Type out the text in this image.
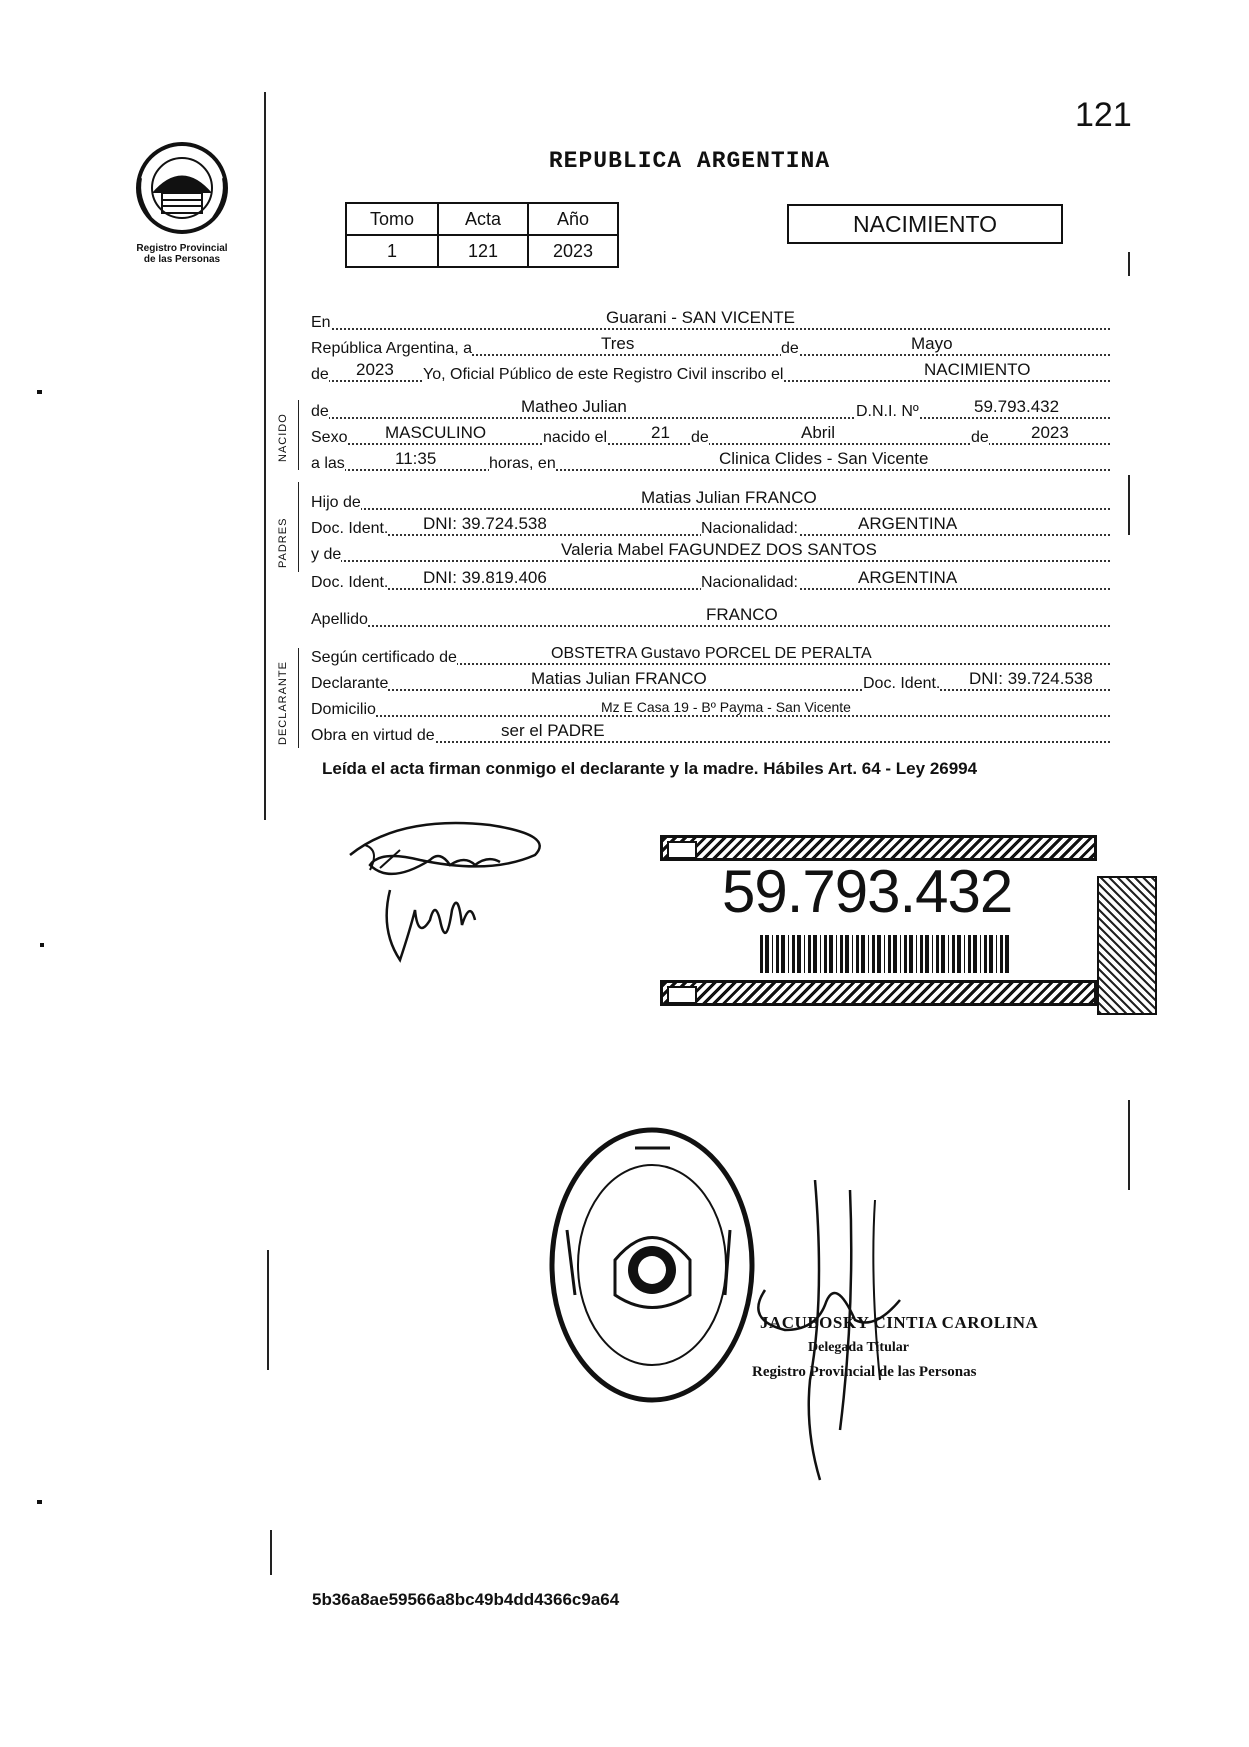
121
Registro Provincial
de las Personas
REPUBLICA ARGENTINA
Tomo	Acta	Año
1	121	2023
NACIMIENTO
NACIDO
PADRES
DECLARANTE
En	Guarani - SAN VICENTE
República Argentina, a	Tres	de	Mayo
de 2023 Yo, Oficial Público de este Registro Civil inscribo el	NACIMIENTO
de	Matheo Julian	D.N.I. Nº	59.793.432
Sexo MASCULINO	nacido el	21 de	Abril	de 2023
a las	11:35	horas, en	Clinica Clides - San Vicente
Hijo de	Matias Julian FRANCO
Doc. Ident. DNI: 39.724.538	Nacionalidad:	ARGENTINA
y de	Valeria Mabel FAGUNDEZ DOS SANTOS
Doc. Ident. DNI: 39.819.406	Nacionalidad:	ARGENTINA
Apellido	FRANCO
Según certificado de	OBSTETRA Gustavo PORCEL DE PERALTA
Declarante	Matias Julian FRANCO	Doc. Ident. DNI: 39.724.538
Domicilio	Mz E Casa 19 - Bº Payma - San Vicente
Obra en virtud de	ser el PADRE
Leída el acta firman conmigo el declarante y la madre. Hábiles Art. 64 - Ley 26994
59.793.432
JACUBOSKY CINTIA CAROLINA
Delegada Titular
Registro Provincial de las Personas
5b36a8ae59566a8bc49b4dd4366c9a64
